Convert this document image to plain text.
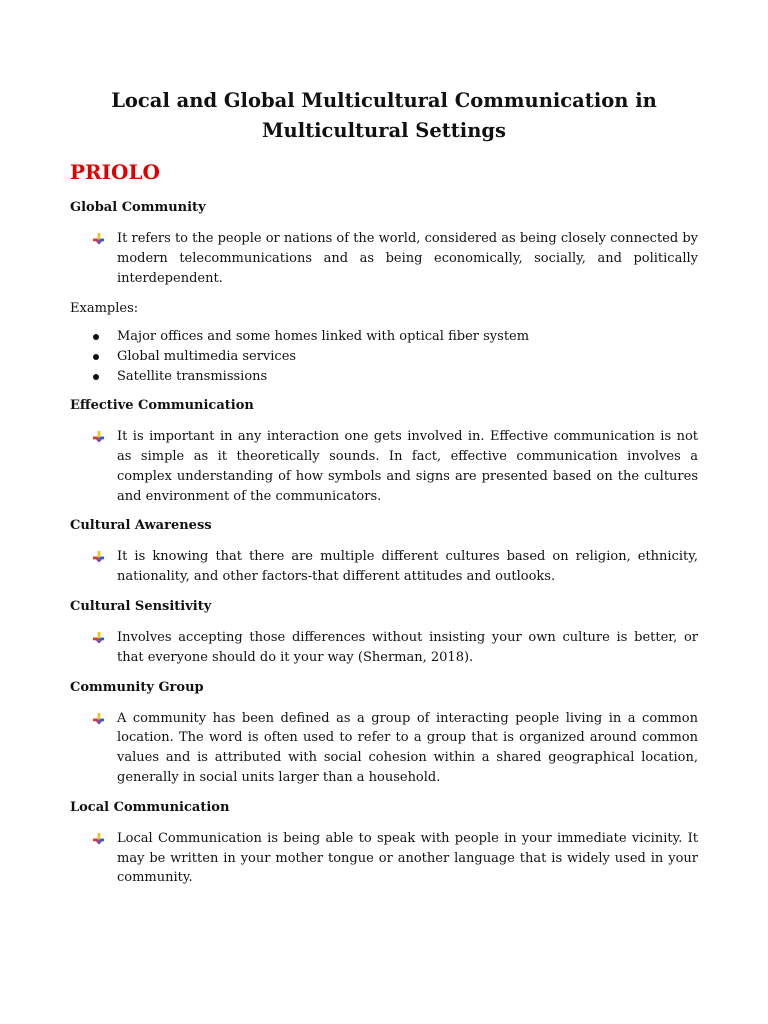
Local and Global Multicultural Communication in
Multicultural Settings
PRIOLO
Global Community
It refers to the people or nations of the world, considered as being closely connected by modern telecommunications and as being economically, socially, and politically interdependent.
Examples:
Major offices and some homes linked with optical fiber system
Global multimedia services
Satellite transmissions
Effective Communication
It is important in any interaction one gets involved in. Effective communication is not as simple as it theoretically sounds. In fact, effective communication involves a complex understanding of how symbols and signs are presented based on the cultures and environment of the communicators.
Cultural Awareness
It is knowing that there are multiple different cultures based on religion, ethnicity, nationality, and other factors-that different attitudes and outlooks.
Cultural Sensitivity
Involves accepting those differences without insisting your own culture is better, or that everyone should do it your way (Sherman, 2018).
Community Group
A community has been defined as a group of interacting people living in a common location. The word is often used to refer to a group that is organized around common values and is attributed with social cohesion within a shared geographical location, generally in social units larger than a household.
Local Communication
Local Communication is being able to speak with people in your immediate vicinity. It may be written in your mother tongue or another language that is widely used in your community.
